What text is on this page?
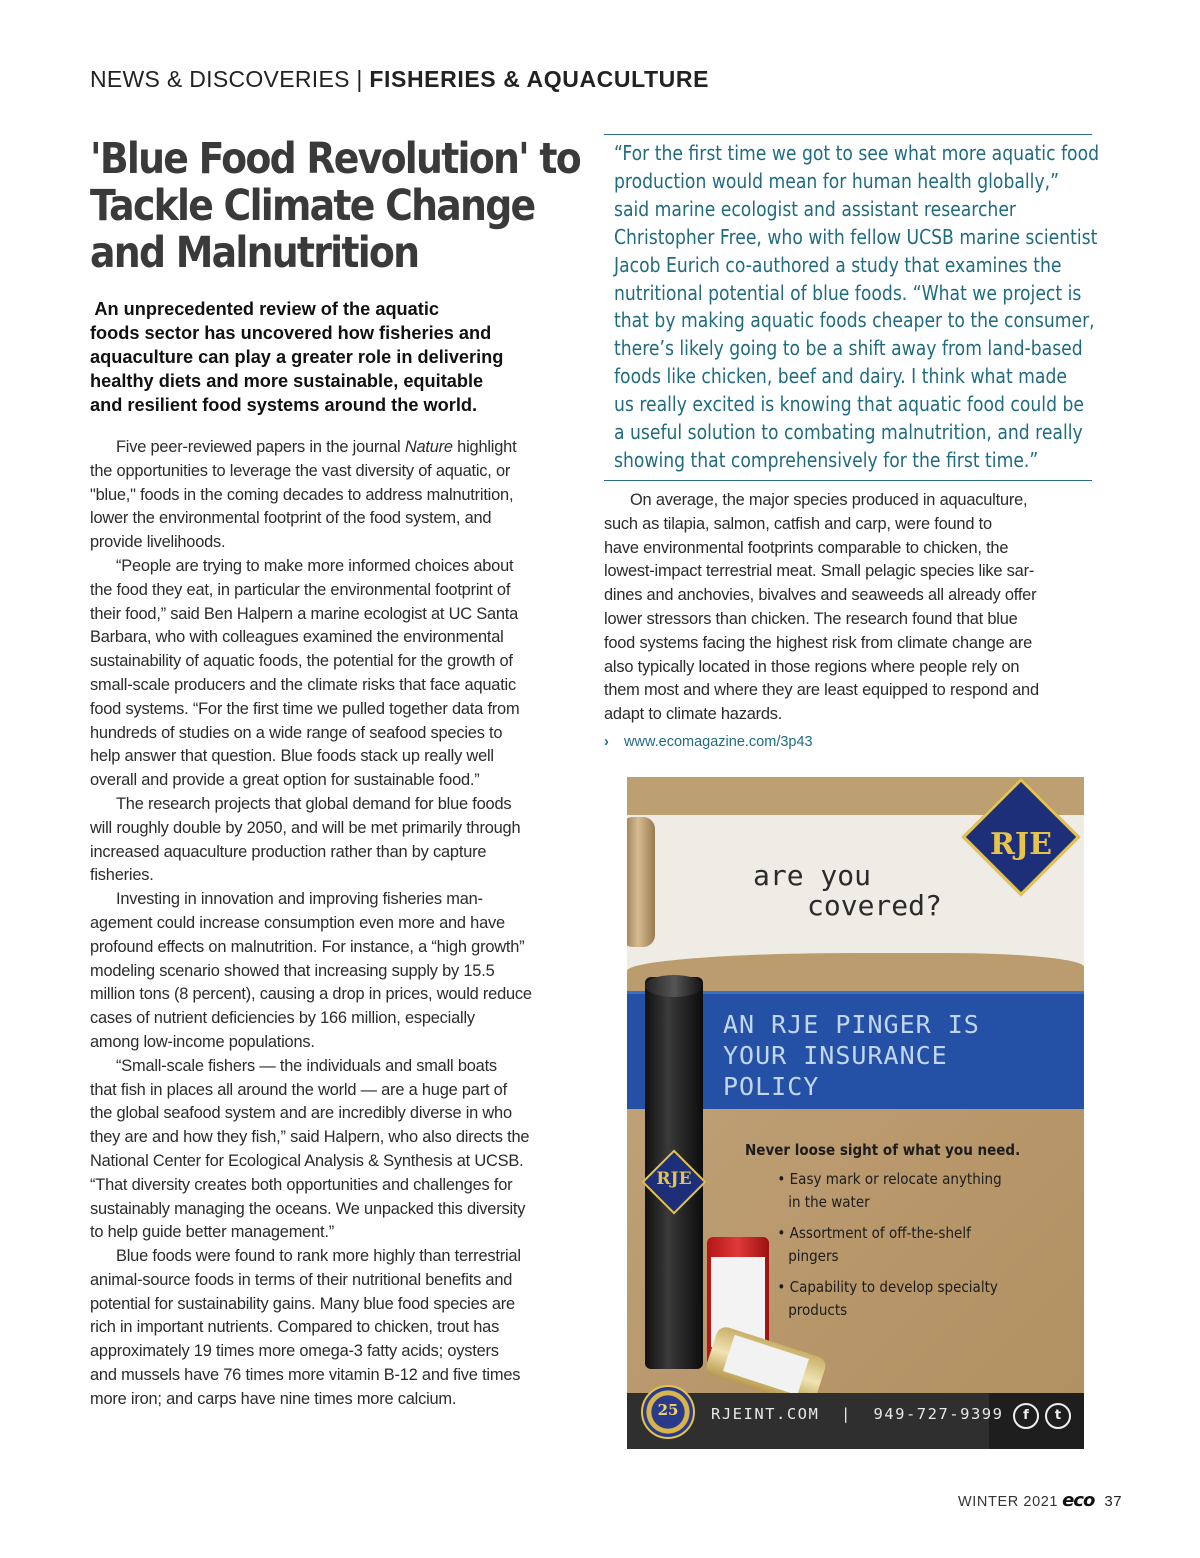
NEWS & DISCOVERIES | FISHERIES & AQUACULTURE
'Blue Food Revolution' to
Tackle Climate Change
and Malnutrition
An unprecedented review of the aquatic
foods sector has uncovered how fisheries and
aquaculture can play a greater role in delivering
healthy diets and more sustainable, equitable
and resilient food systems around the world.
Five peer-reviewed papers in the journal Nature highlight
the opportunities to leverage the vast diversity of aquatic, or
"blue," foods in the coming decades to address malnutrition,
lower the environmental footprint of the food system, and
provide livelihoods.
“People are trying to make more informed choices about
the food they eat, in particular the environmental footprint of
their food,” said Ben Halpern a marine ecologist at UC Santa
Barbara, who with colleagues examined the environmental
sustainability of aquatic foods, the potential for the growth of
small-scale producers and the climate risks that face aquatic
food systems. “For the first time we pulled together data from
hundreds of studies on a wide range of seafood species to
help answer that question. Blue foods stack up really well
overall and provide a great option for sustainable food.”
The research projects that global demand for blue foods
will roughly double by 2050, and will be met primarily through
increased aquaculture production rather than by capture
fisheries.
Investing in innovation and improving fisheries man-
agement could increase consumption even more and have
profound effects on malnutrition. For instance, a “high growth”
modeling scenario showed that increasing supply by 15.5
million tons (8 percent), causing a drop in prices, would reduce
cases of nutrient deficiencies by 166 million, especially
among low-income populations.
“Small-scale fishers — the individuals and small boats
that fish in places all around the world — are a huge part of
the global seafood system and are incredibly diverse in who
they are and how they fish,” said Halpern, who also directs the
National Center for Ecological Analysis & Synthesis at UCSB.
“That diversity creates both opportunities and challenges for
sustainably managing the oceans. We unpacked this diversity
to help guide better management.”
Blue foods were found to rank more highly than terrestrial
animal-source foods in terms of their nutritional benefits and
potential for sustainability gains. Many blue food species are
rich in important nutrients. Compared to chicken, trout has
approximately 19 times more omega-3 fatty acids; oysters
and mussels have 76 times more vitamin B-12 and five times
more iron; and carps have nine times more calcium.
“For the first time we got to see what more aquatic food
production would mean for human health globally,”
said marine ecologist and assistant researcher
Christopher Free, who with fellow UCSB marine scientist
Jacob Eurich co-authored a study that examines the
nutritional potential of blue foods. “What we project is
that by making aquatic foods cheaper to the consumer,
there’s likely going to be a shift away from land-based
foods like chicken, beef and dairy. I think what made
us really excited is knowing that aquatic food could be
a useful solution to combating malnutrition, and really
showing that comprehensively for the first time.”
On average, the major species produced in aquaculture,
such as tilapia, salmon, catfish and carp, were found to
have environmental footprints comparable to chicken, the
lowest-impact terrestrial meat. Small pelagic species like sar-
dines and anchovies, bivalves and seaweeds all already offer
lower stressors than chicken. The research found that blue
food systems facing the highest risk from climate change are
also typically located in those regions where people rely on
them most and where they are least equipped to respond and
adapt to climate hazards.
› www.ecomagazine.com/3p43
are you
covered?
RJE
AN RJE PINGER IS
YOUR INSURANCE
POLICY
RJE
Never loose sight of what you need.
• Easy mark or relocate anything
in the water
• Assortment of off-the-shelf
pingers
• Capability to develop specialty
products
25	RJEINT.COM  |  949-727-9399	f	t
WINTER 2021 eco 37
